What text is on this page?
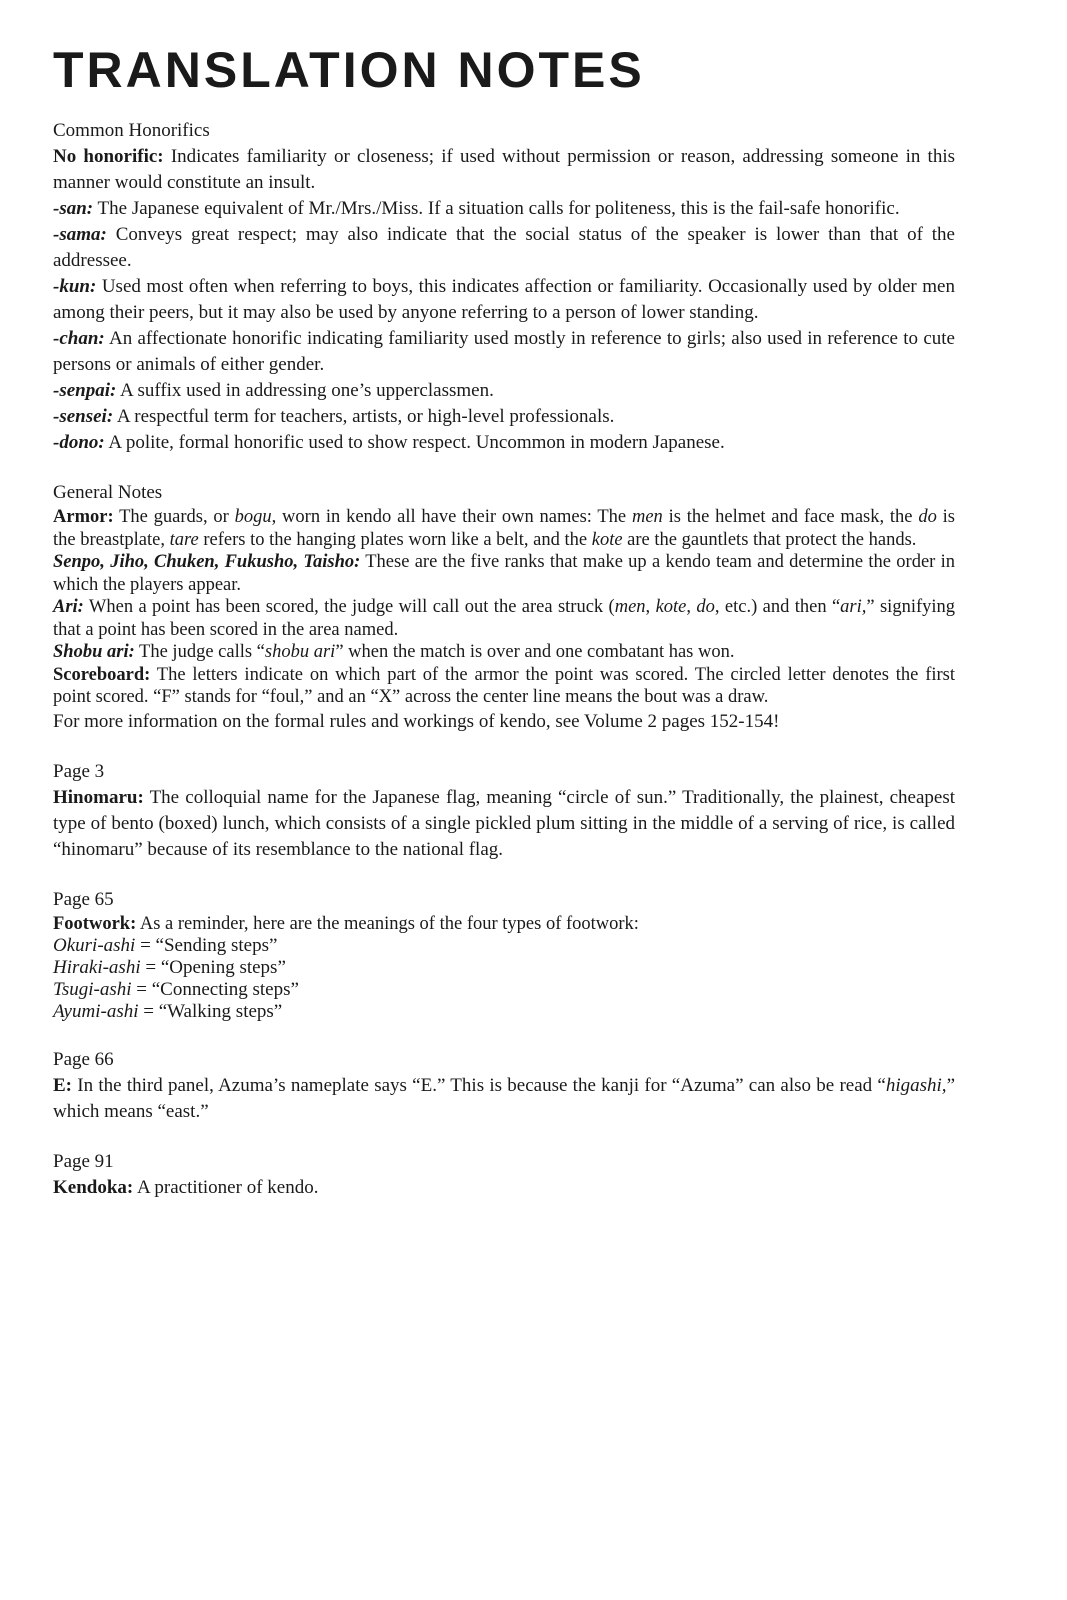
TRANSLATION NOTES
Common Honorifics
No honorific: Indicates familiarity or closeness; if used without permission or reason, addressing someone in this manner would constitute an insult.
-san: The Japanese equivalent of Mr./Mrs./Miss. If a situation calls for politeness, this is the fail-safe honorific.
-sama: Conveys great respect; may also indicate that the social status of the speaker is lower than that of the addressee.
-kun: Used most often when referring to boys, this indicates affection or familiarity. Occasionally used by older men among their peers, but it may also be used by anyone referring to a person of lower standing.
-chan: An affectionate honorific indicating familiarity used mostly in reference to girls; also used in reference to cute persons or animals of either gender.
-senpai: A suffix used in addressing one’s upperclassmen.
-sensei: A respectful term for teachers, artists, or high-level professionals.
-dono: A polite, formal honorific used to show respect. Uncommon in modern Japanese.
General Notes
Armor: The guards, or bogu, worn in kendo all have their own names: The men is the helmet and face mask, the do is the breastplate, tare refers to the hanging plates worn like a belt, and the kote are the gauntlets that protect the hands.
Senpo, Jiho, Chuken, Fukusho, Taisho: These are the five ranks that make up a kendo team and determine the order in which the players appear.
Ari: When a point has been scored, the judge will call out the area struck (men, kote, do, etc.) and then “ari,” signifying that a point has been scored in the area named.
Shobu ari: The judge calls “shobu ari” when the match is over and one combatant has won.
Scoreboard: The letters indicate on which part of the armor the point was scored. The circled letter denotes the first point scored. “F” stands for “foul,” and an “X” across the center line means the bout was a draw.
For more information on the formal rules and workings of kendo, see Volume 2 pages 152-154!
Page 3
Hinomaru: The colloquial name for the Japanese flag, meaning “circle of sun.” Traditionally, the plainest, cheapest type of bento (boxed) lunch, which consists of a single pickled plum sitting in the middle of a serving of rice, is called “hinomaru” because of its resemblance to the national flag.
Page 65
Footwork: As a reminder, here are the meanings of the four types of footwork:
Okuri-ashi = “Sending steps”
Hiraki-ashi = “Opening steps”
Tsugi-ashi = “Connecting steps”
Ayumi-ashi = “Walking steps”
Page 66
E: In the third panel, Azuma’s nameplate says “E.” This is because the kanji for “Azuma” can also be read “higashi,” which means “east.”
Page 91
Kendoka: A practitioner of kendo.
